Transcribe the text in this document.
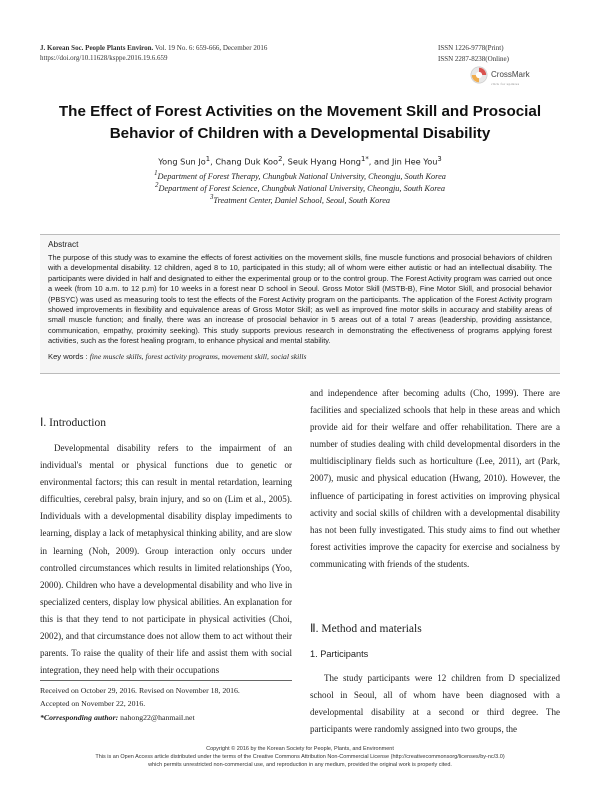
J. Korean Soc. People Plants Environ. Vol. 19 No. 6: 659-666, December 2016
https://doi.org/10.11628/ksppe.2016.19.6.659
ISSN 1226-9778(Print)
ISSN 2287-8238(Online)
CrossMark
click for updates
The Effect of Forest Activities on the Movement Skill and Prosocial
Behavior of Children with a Developmental Disability
Yong Sun Jo$^1$, Chang Duk Koo$^2$, Seuk Hyang Hong$^{1*}$, and Jin Hee You$^3$
$^1$Department of Forest Therapy, Chungbuk National University, Cheongju, South Korea
$^2$Department of Forest Science, Chungbuk National University, Cheongju, South Korea
$^3$Treatment Center, Daniel School, Seoul, South Korea
Abstract
The purpose of this study was to examine the effects of forest activities on the movement skills, fine muscle functions and prosocial behaviors of children with a developmental disability. 12 children, aged 8 to 10, participated in this study; all of whom were either autistic or had an intellectual disability. The participants were divided in half and designated to either the experimental group or to the control group. The Forest Activity program was carried out once a week (from 10 a.m. to 12 p.m) for 10 weeks in a forest near D school in Seoul. Gross Motor Skill (MSTB-B), Fine Motor Skill, and prosocial behavior (PBSYC) was used as measuring tools to test the effects of the Forest Activity program on the participants. The application of the Forest Activity program showed improvements in flexibility and equivalence areas of Gross Motor Skill; as well as improved fine motor skills in accuracy and stability areas of small muscle function; and finally, there was an increase of prosocial behavior in 5 areas out of a total 7 areas (leadership, providing assistance, communication, empathy, proximity seeking). This study supports previous research in demonstrating the effectiveness of programs applying forest activities, such as the forest healing program, to enhance physical and mental stability.
Key words : fine muscle skills, forest activity programs, movement skill, social skills
Ⅰ. Introduction

Developmental disability refers to the impairment of an individual's mental or physical functions due to genetic or environmental factors; this can result in mental retardation, learning difficulties, cerebral palsy, brain injury, and so on (Lim et al., 2005). Individuals with a developmental disability display impediments to learning, display a lack of metaphysical thinking ability, and are slow in learning (Noh, 2009). Group interaction only occurs under controlled circumstances which results in limited relationships (Yoo, 2000). Children who have a developmental disability and who live in specialized centers, display low physical abilities. An explanation for this is that they tend to not participate in physical activities (Choi, 2002), and that circumstance does not allow them to act without their parents. To raise the quality of their life and assist them with social integration, they need help with their occupations

and independence after becoming adults (Cho, 1999). There are facilities and specialized schools that help in these areas and which provide aid for their welfare and offer rehabilitation. There are a number of studies dealing with child developmental disorders in the multidisciplinary fields such as horticulture (Lee, 2011), art (Park, 2007), music and physical education (Hwang, 2010). However, the influence of participating in forest activities on improving physical activity and social skills of children with a developmental disability has not been fully investigated. This study aims to find out whether forest activities improve the capacity for exercise and socialness by communicating with friends of the students.

Ⅱ. Method and materials
1. Participants

The study participants were 12 children from D specialized school in Seoul, all of whom have been diagnosed with a developmental disability at a second or third degree. The participants were randomly assigned into two groups, the

Received on October 29, 2016. Revised on November 18, 2016.
Accepted on November 22, 2016.
*Corresponding author: nahong22@hanmail.net
Copyright © 2016 by the Korean Society for People, Plants, and Environment
This is an Open Access article distributed under the terms of the Creative Commons Attribution Non-Commercial License (http://creativecommonsorg/licenses/by-nc/3.0)
which permits unrestricted non-commercial use, and reproduction in any medium, provided the original work is properly cited.
